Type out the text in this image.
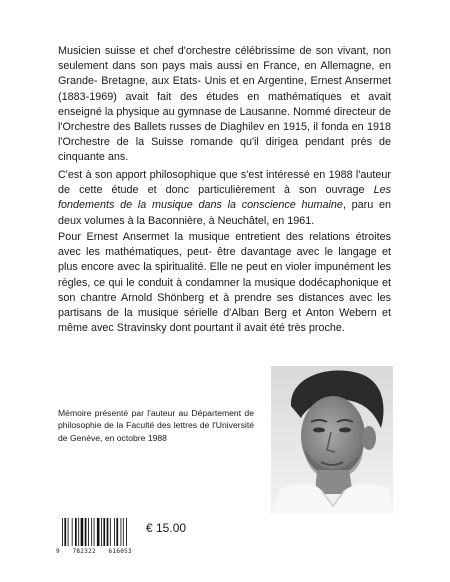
Musicien suisse et chef d'orchestre célébrissime de son vivant, non seulement dans son pays mais aussi en France, en Allemagne, en Grande- Bretagne, aux Etats- Unis et en Argentine, Ernest Ansermet (1883-1969) avait fait des études en mathématiques et avait enseigné la physique au gymnase de Lausanne. Nommé directeur de l'Orchestre des Ballets russes de Diaghilev en 1915, il fonda en 1918 l'Orchestre de la Suisse romande qu'il dirigea pendant près de cinquante ans.

C'est à son apport philosophique que s'est intéressé en 1988 l'auteur de cette étude et donc particulièrement à son ouvrage Les fondements de la musique dans la conscience humaine, paru en deux volumes à la Baconnière, à Neuchâtel, en 1961.

Pour Ernest Ansermet la musique entretient des relations étroites avec les mathématiques, peut- être davantage avec le langage et plus encore avec la spiritualité. Elle ne peut en violer impunément les règles, ce qui le conduit à condamner la musique dodécaphonique et son chantre Arnold Shönberg et à prendre ses distances avec les partisans de la musique sérielle d'Alban Berg et Anton Webern et même avec Stravinsky dont pourtant il avait été très proche.

Mémoire présenté par l'auteur au Département de philosophie de la Faculté des lettres de l'Université de Genève, en octobre 1988

9 782322 616053
€ 15.00
